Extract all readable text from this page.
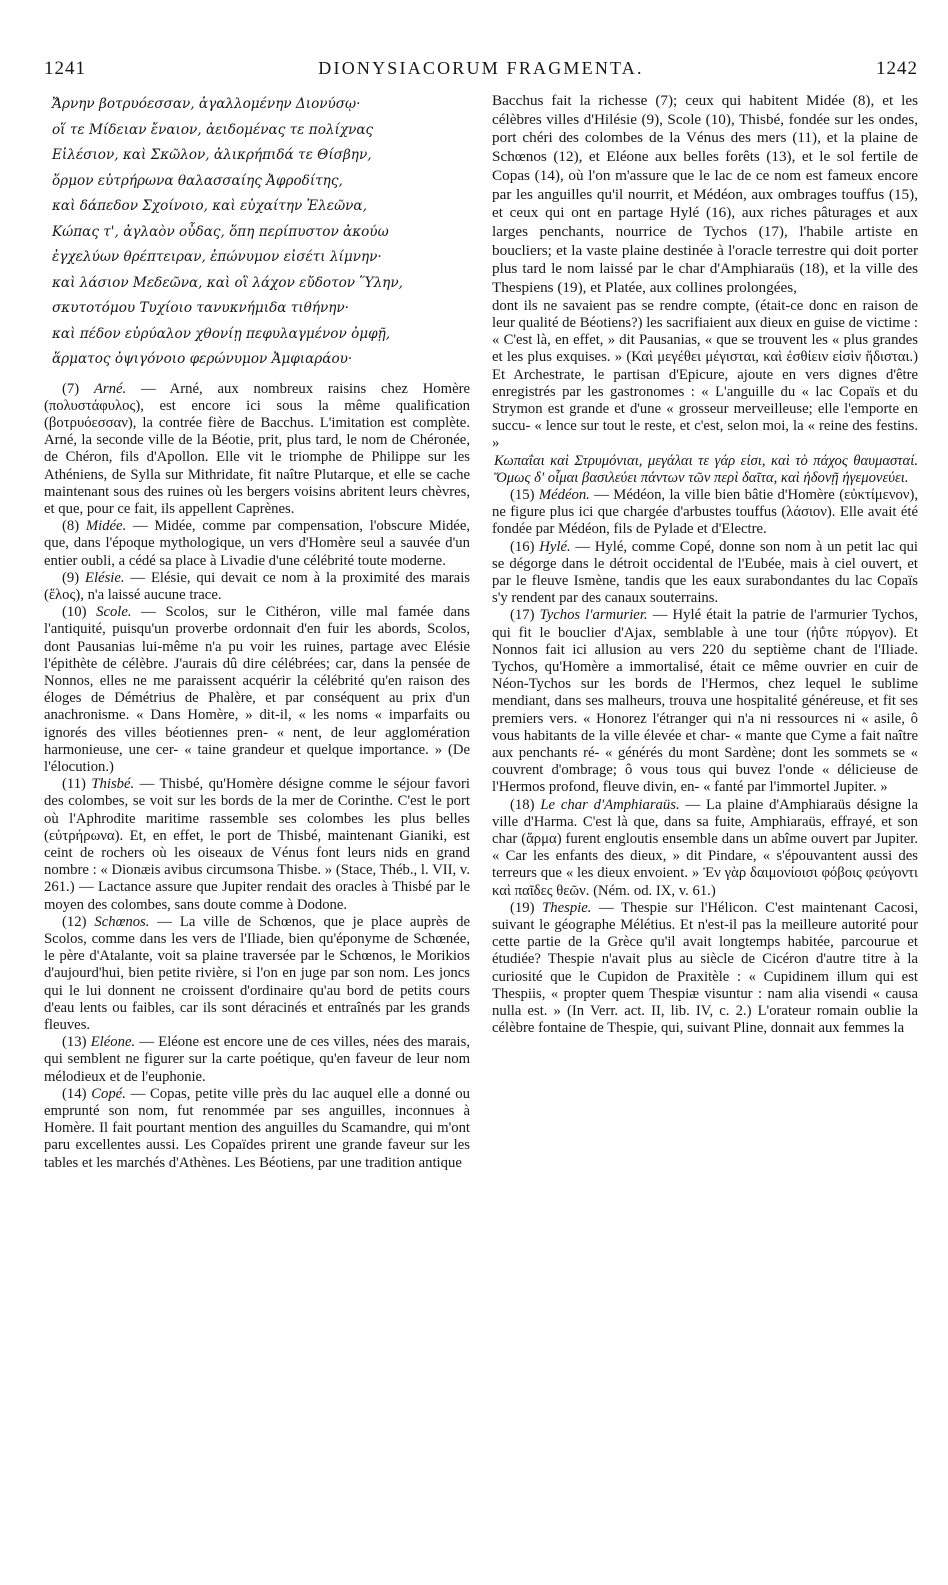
1241	DIONYSIACORUM FRAGMENTA.	1242
Ἄρνην βοτρυόεσσαν, ἀγαλλομένην Διονύσῳ·
οἵ τε Μίδειαν ἔναιον, ἀειδομένας τε πολίχνας
Εἰλέσιον, καὶ Σκῶλον, ἁλικρήπιδά τε Θίσβην,
ὅρμον εὐτρήρωνα θαλασσαίης Ἀφροδίτης,
καὶ δάπεδον Σχοίνοιο, καὶ εὐχαίτην Ἐλεῶνα,
Κώπας τ', ἀγλαὸν οὖδας, ὅπη περίπυστον ἀκούω
ἐγχελύων θρέπτειραν, ἐπώνυμον εἰσέτι λίμνην·
καὶ λάσιον Μεδεῶνα, καὶ οἳ λάχον εὔδοτον Ὕλην,
σκυτοτόμου Τυχίοιο τανυκνήμιδα τιθήνην·
καὶ πέδον εὐρύαλον χθονίῃ πεφυλαγμένον ὀμφῇ,
ἅρματος ὀψιγόνοιο φερώνυμον Ἀμφιαράου·

(7) Arné. — Arné, aux nombreux raisins chez Homère (πολυστάφυλος), est encore ici sous la même qualification (βοτρυόεσσαν), la contrée fière de Bacchus. L'imitation est complète. Arné, la seconde ville de la Béotie, prit, plus tard, le nom de Chéronée, de Chéron, fils d'Apollon. Elle vit le triomphe de Philippe sur les Athéniens, de Sylla sur Mithridate, fit naître Plutarque, et elle se cache maintenant sous des ruines où les bergers voisins abritent leurs chèvres, et que, pour ce fait, ils appellent Caprènes.

(8) Midée. — Midée, comme par compensation, l'obscure Midée, que, dans l'époque mythologique, un vers d'Homère seul a sauvée d'un entier oubli, a cédé sa place à Livadie d'une célébrité toute moderne.

(9) Elésie. — Elésie, qui devait ce nom à la proximité des marais (ἕλος), n'a laissé aucune trace.

(10) Scole. — Scolos, sur le Cithéron, ville mal famée dans l'antiquité, puisqu'un proverbe ordonnait d'en fuir les abords, Scolos, dont Pausanias lui-même n'a pu voir les ruines, partage avec Elésie l'épithète de célèbre. J'aurais dû dire célébrées; car, dans la pensée de Nonnos, elles ne me paraissent acquérir la célébrité qu'en raison des éloges de Démétrius de Phalère, et par conséquent au prix d'un anachronisme. « Dans Homère, » dit-il, « les noms « imparfaits ou ignorés des villes béotiennes pren- « nent, de leur agglomération harmonieuse, une cer- « taine grandeur et quelque importance. » (De l'élocution.)

(11) Thisbé. — Thisbé, qu'Homère désigne comme le séjour favori des colombes, se voit sur les bords de la mer de Corinthe. C'est le port où l'Aphrodite maritime rassemble ses colombes les plus belles (εὐτρήρωνα). Et, en effet, le port de Thisbé, maintenant Gianiki, est ceint de rochers où les oiseaux de Vénus font leurs nids en grand nombre : « Dionæis avibus circumsona Thisbe. » (Stace, Théb., l. VII, v. 261.) — Lactance assure que Jupiter rendait des oracles à Thisbé par le moyen des colombes, sans doute comme à Dodone.

(12) Schœnos. — La ville de Schœnos, que je place auprès de Scolos, comme dans les vers de l'Iliade, bien qu'éponyme de Schœnée, le père d'Atalante, voit sa plaine traversée par le Schœnos, le Morikios d'aujourd'hui, bien petite rivière, si l'on en juge par son nom. Les joncs qui le lui donnent ne croissent d'ordinaire qu'au bord de petits cours d'eau lents ou faibles, car ils sont déracinés et entraînés par les grands fleuves.

(13) Eléone. — Eléone est encore une de ces villes, nées des marais, qui semblent ne figurer sur la carte poétique, qu'en faveur de leur nom mélodieux et de l'euphonie.

(14) Copé. — Copas, petite ville près du lac auquel elle a donné ou emprunté son nom, fut renommée par ses anguilles, inconnues à Homère. Il fait pourtant mention des anguilles du Scamandre, qui m'ont paru excellentes aussi. Les Copaïdes prirent une grande faveur sur les tables et les marchés d'Athènes. Les Béotiens, par une tradition antique

Bacchus fait la richesse (7); ceux qui habitent Midée (8), et les célèbres villes d'Hilésie (9), Scole (10), Thisbé, fondée sur les ondes, port chéri des colombes de la Vénus des mers (11), et la plaine de Schœnos (12), et Eléone aux belles forêts (13), et le sol fertile de Copas (14), où l'on m'assure que le lac de ce nom est fameux encore par les anguilles qu'il nourrit, et Médéon, aux ombrages touffus (15), et ceux qui ont en partage Hylé (16), aux riches pâturages et aux larges penchants, nourrice de Tychos (17), l'habile artiste en boucliers; et la vaste plaine destinée à l'oracle terrestre qui doit porter plus tard le nom laissé par le char d'Amphiaraüs (18), et la ville des Thespiens (19), et Platée, aux collines prolongées,

dont ils ne savaient pas se rendre compte, (était-ce donc en raison de leur qualité de Béotiens?) les sacrifiaient aux dieux en guise de victime : « C'est là, en effet, » dit Pausanias, « que se trouvent les « plus grandes et les plus exquises. » (Καὶ μεγέθει μέγισται, καὶ ἐσθίειν εἰσὶν ἥδισται.) Et Archestrate, le partisan d'Epicure, ajoute en vers dignes d'être enregistrés par les gastronomes : « L'anguille du « lac Copaïs et du Strymon est grande et d'une « grosseur merveilleuse; elle l'emporte en succu- « lence sur tout le reste, et c'est, selon moi, la « reine des festins. »

Κωπαΐαι καὶ Στρυμόνιαι, μεγάλαι τε γάρ εἰσι, καὶ τὸ πάχος θαυμασταί. Ὅμως δ' οἶμαι βασιλεύει πάντων τῶν περὶ δαῖτα, καὶ ἡδονῇ ἡγεμονεύει.

(15) Médéon. — Médéon, la ville bien bâtie d'Homère (εὐκτίμενον), ne figure plus ici que chargée d'arbustes touffus (λάσιον). Elle avait été fondée par Médéon, fils de Pylade et d'Electre.

(16) Hylé. — Hylé, comme Copé, donne son nom à un petit lac qui se dégorge dans le détroit occidental de l'Eubée, mais à ciel ouvert, et par le fleuve Ismène, tandis que les eaux surabondantes du lac Copaïs s'y rendent par des canaux souterrains.

(17) Tychos l'armurier. — Hylé était la patrie de l'armurier Tychos, qui fit le bouclier d'Ajax, semblable à une tour (ἠΰτε πύργον). Et Nonnos fait ici allusion au vers 220 du septième chant de l'Iliade. Tychos, qu'Homère a immortalisé, était ce même ouvrier en cuir de Néon-Tychos sur les bords de l'Hermos, chez lequel le sublime mendiant, dans ses malheurs, trouva une hospitalité généreuse, et fit ses premiers vers. « Honorez l'étranger qui n'a ni ressources ni « asile, ô vous habitants de la ville élevée et char- « mante que Cyme a fait naître aux penchants ré- « générés du mont Sardène; dont les sommets se « couvrent d'ombrage; ô vous tous qui buvez l'onde « délicieuse de l'Hermos profond, fleuve divin, en- « fanté par l'immortel Jupiter. »

(18) Le char d'Amphiaraüs. — La plaine d'Amphiaraüs désigne la ville d'Harma. C'est là que, dans sa fuite, Amphiaraüs, effrayé, et son char (ἅρμα) furent engloutis ensemble dans un abîme ouvert par Jupiter. « Car les enfants des dieux, » dit Pindare, « s'épouvantent aussi des terreurs que « les dieux envoient. » Ἐν γὰρ δαιμονίοισι φόβοις φεύγοντι καὶ παῖδες θεῶν. (Ném. od. IX, v. 61.)

(19) Thespie. — Thespie sur l'Hélicon. C'est maintenant Cacosi, suivant le géographe Mélétius. Et n'est-il pas la meilleure autorité pour cette partie de la Grèce qu'il avait longtemps habitée, parcourue et étudiée? Thespie n'avait plus au siècle de Cicéron d'autre titre à la curiosité que le Cupidon de Praxitèle : « Cupidinem illum qui est Thespiis, « propter quem Thespiæ visuntur : nam alia visendi « causa nulla est. » (In Verr. act. II, lib. IV, c. 2.) L'orateur romain oublie la célèbre fontaine de Thespie, qui, suivant Pline, donnait aux femmes la
